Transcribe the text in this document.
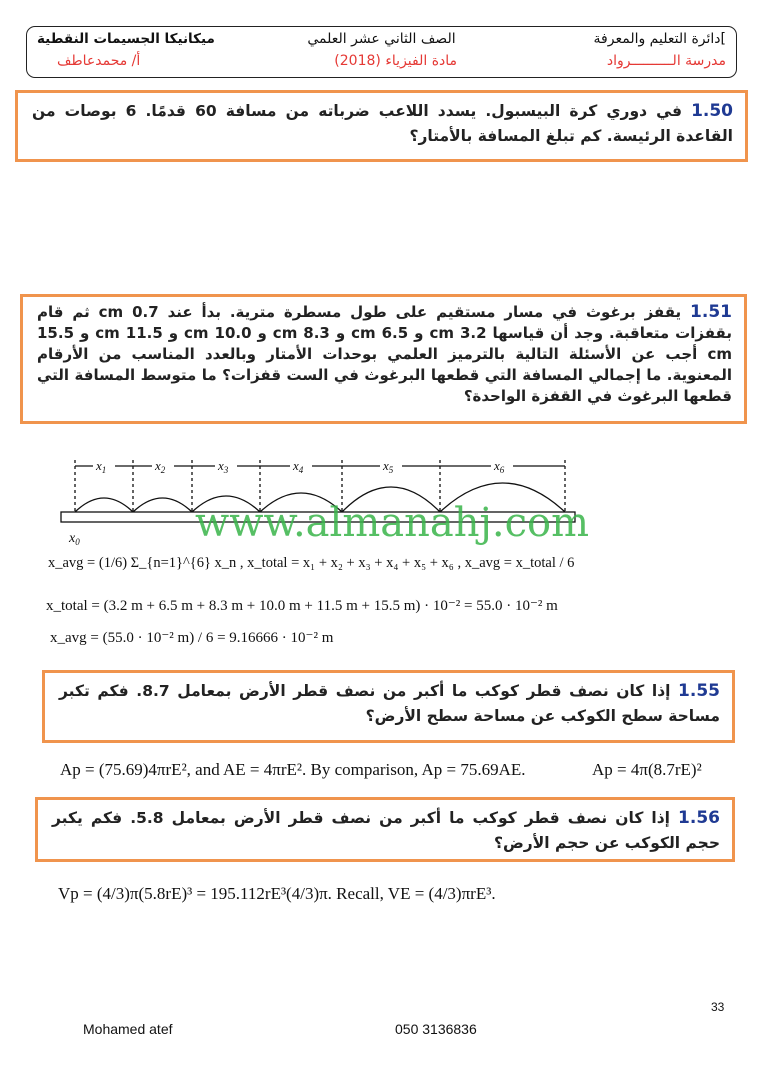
]دائرة التعليم والمعرفة
الصف الثاني عشر العلمي
ميكانيكا الجسيمات النقطية
مدرسة الــــــــــرواد
مادة الفيزياء (2018)
أ/ محمدعاطف
1.50 في دوري كرة البيسبول. يسدد اللاعب ضرباته من مسافة 60 قدمًا. 6 بوصات من القاعدة الرئيسة. كم تبلغ المسافة بالأمتار؟
1.51 يقفز برغوث في مسار مستقيم على طول مسطرة مترية. بدأ عند 0.7 cm ثم قام بقفزات متعاقبة. وجد أن قياسها 3.2 cm و 6.5 cm و 8.3 cm و 10.0 cm و 11.5 cm و 15.5 cm أجب عن الأسئلة التالية بالترميز العلمي بوحدات الأمتار وبالعدد المناسب من الأرقام المعنوية. ما إجمالي المسافة التي قطعها البرغوث في الست قفزات؟ ما متوسط المسافة التي قطعها البرغوث في القفزة الواحدة؟
$x_1$	$x_2$	$x_3$	$x_4$	$x_5$	$x_6$
$x_0$	www.almanahj.com
x_avg = (1/6) Σ_{n=1}^{6} x_n , x_total = x₁ + x₂ + x₃ + x₄ + x₅ + x₆ , x_avg = x_total / 6
x_total = (3.2 m + 6.5 m + 8.3 m + 10.0 m + 11.5 m + 15.5 m) · 10⁻² = 55.0 · 10⁻² m
x_avg = (55.0 · 10⁻² m) / 6 = 9.16666 · 10⁻² m
1.55 إذا كان نصف قطر كوكب ما أكبر من نصف قطر الأرض بمعامل 8.7. فكم تكبر مساحة سطح الكوكب عن مساحة سطح الأرض؟
Ap = (75.69)4πrE², and AE = 4πrE². By comparison, Ap = 75.69AE.	Ap = 4π(8.7rE)²
1.56 إذا كان نصف قطر كوكب ما أكبر من نصف قطر الأرض بمعامل 5.8. فكم يكبر حجم الكوكب عن حجم الأرض؟
Vp = (4/3)π(5.8rE)³ = 195.112rE³(4/3)π. Recall, VE = (4/3)πrE³.
33
Mohamed atef	050 3136836
